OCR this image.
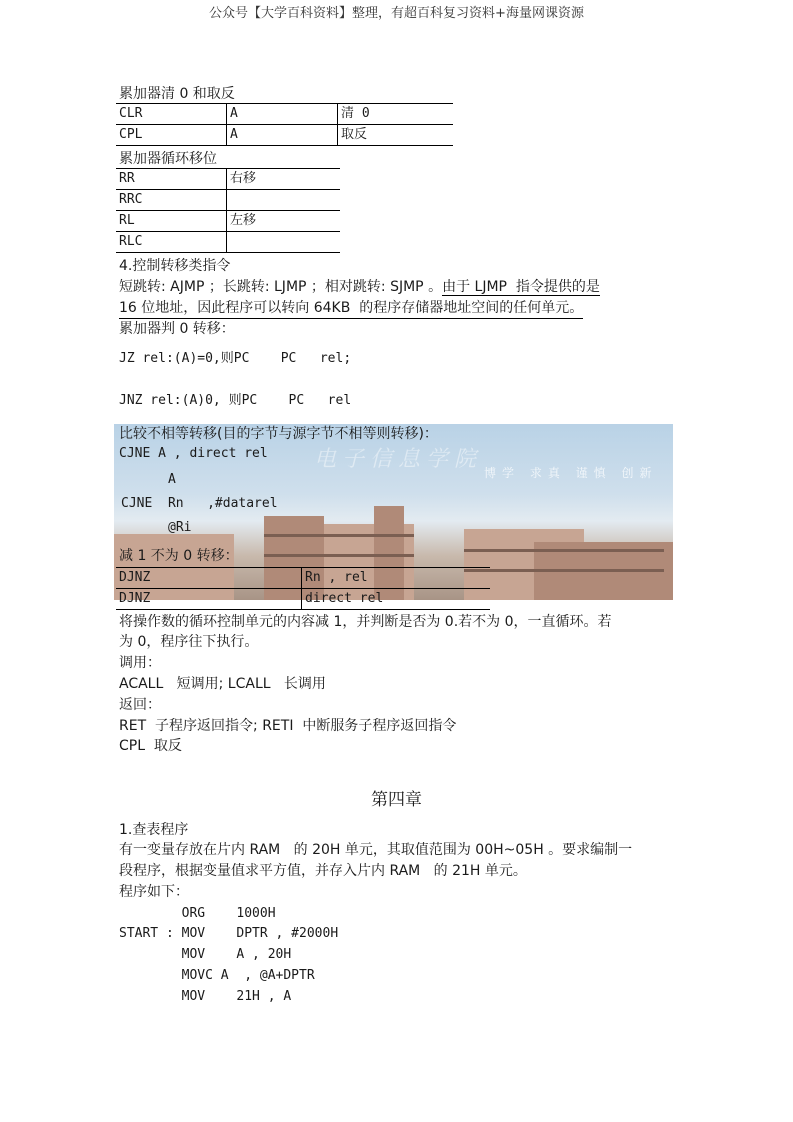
公众号【大学百科资料】整理，有超百科复习资料+海量网课资源
累加器清 0 和取反
CLR	A	清 0
CPL	A	取反
累加器循环移位
RR	右移
RRC	
RL	左移
RLC	
4.控制转移类指令
短跳转: AJMP ；长跳转: LJMP ；相对跳转: SJMP 。由于 LJMP  指令提供的是
16 位地址，因此程序可以转向 64KB  的程序存储器地址空间的任何单元。
累加器判 0 转移：
JZ rel:(A)=0,则PC    PC   rel;
JNZ rel:(A)0, 则PC    PC   rel
电子信息学院
博学 求真 谨慎 创新
比较不相等转移(目的字节与源字节不相等则转移)：
CJNE A , direct rel
A
CJNE  Rn   ,#datarel
@Ri
减 1 不为 0 转移：
DJNZ	Rn , rel
DJNZ	direct rel
将操作数的循环控制单元的内容减 1，并判断是否为 0.若不为 0，一直循环。若
为 0，程序往下执行。
调用：
ACALL   短调用; LCALL   长调用
返回：
RET  子程序返回指令; RETI  中断服务子程序返回指令
CPL  取反
第四章
1.查表程序
有一变量存放在片内 RAM   的 20H 单元，其取值范围为 00H~05H 。要求编制一
段程序，根据变量值求平方值，并存入片内 RAM   的 21H 单元。
程序如下：
ORG    1000H
START : MOV    DPTR , #2000H
MOV    A , 20H
MOVC A  , @A+DPTR
MOV    21H , A
